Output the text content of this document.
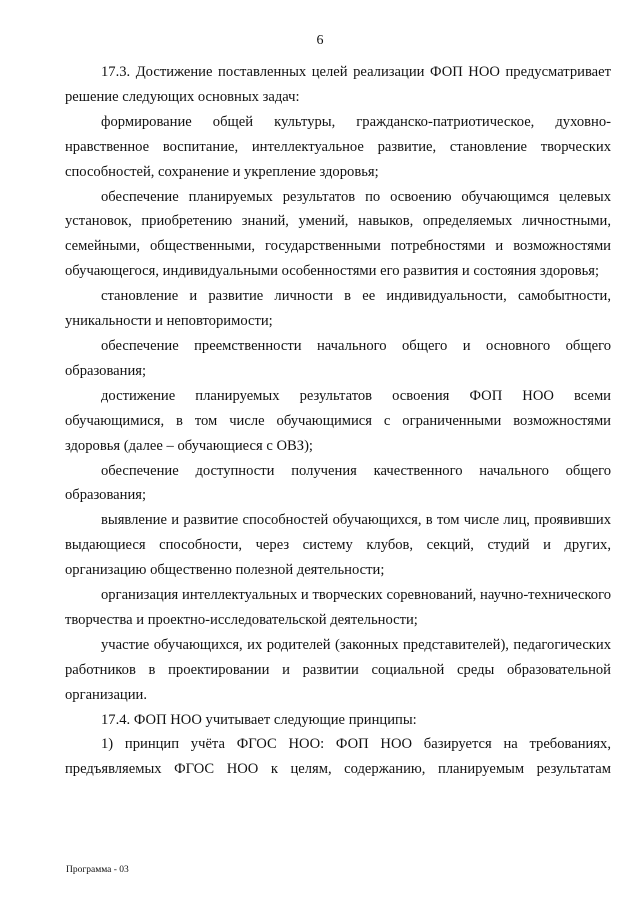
6

17.3. Достижение поставленных целей реализации ФОП НОО предусматривает решение следующих основных задач:

формирование общей культуры, гражданско-патриотическое, духовно-нравственное воспитание, интеллектуальное развитие, становление творческих способностей, сохранение и укрепление здоровья;

обеспечение планируемых результатов по освоению обучающимся целевых установок, приобретению знаний, умений, навыков, определяемых личностными, семейными, общественными, государственными потребностями и возможностями обучающегося, индивидуальными особенностями его развития и состояния здоровья;

становление и развитие личности в ее индивидуальности, самобытности, уникальности и неповторимости;

обеспечение преемственности начального общего и основного общего образования;

достижение планируемых результатов освоения ФОП НОО всеми обучающимися, в том числе обучающимися с ограниченными возможностями здоровья (далее – обучающиеся с ОВЗ);

обеспечение доступности получения качественного начального общего образования;

выявление и развитие способностей обучающихся, в том числе лиц, проявивших выдающиеся способности, через систему клубов, секций, студий и других, организацию общественно полезной деятельности;

организация интеллектуальных и творческих соревнований, научно-технического творчества и проектно-исследовательской деятельности;

участие обучающихся, их родителей (законных представителей), педагогических работников в проектировании и развитии социальной среды образовательной организации.

17.4. ФОП НОО учитывает следующие принципы:

1) принцип учёта ФГОС НОО: ФОП НОО базируется на требованиях, предъявляемых ФГОС НОО к целям, содержанию, планируемым результатам

Программа - 03
